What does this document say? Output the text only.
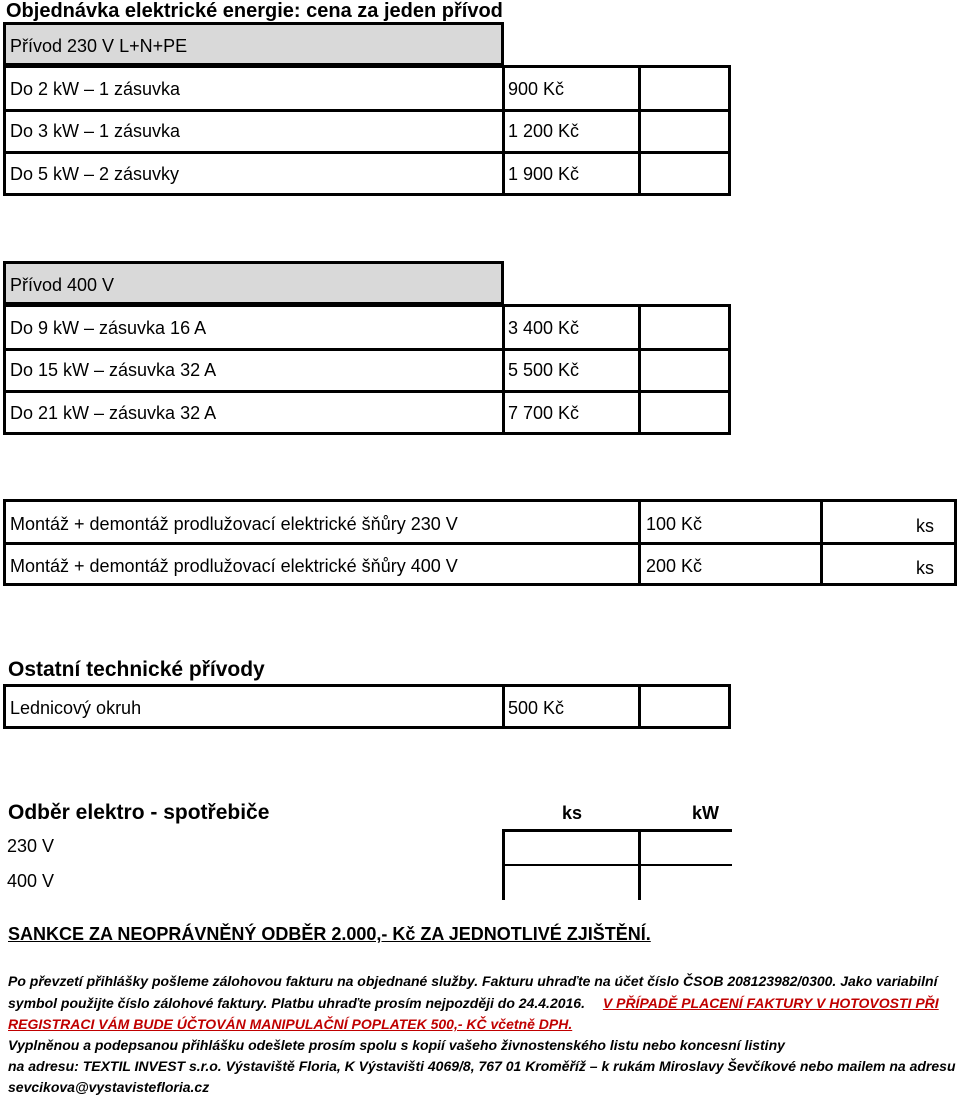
Objednávka elektrické energie: cena za jeden přívod
Přívod 230 V L+N+PE
Do 2 kW – 1 zásuvka	900 Kč
Do 3 kW – 1 zásuvka	1 200 Kč
Do 5 kW – 2 zásuvky	1 900 Kč
Přívod 400 V
Do 9 kW – zásuvka 16 A	3 400 Kč
Do 15 kW – zásuvka 32 A	5 500 Kč
Do 21 kW – zásuvka 32 A	7 700 Kč
Montáž + demontáž prodlužovací elektrické šňůry 230 V	100 Kč	ks
Montáž + demontáž prodlužovací elektrické šňůry 400 V	200 Kč	ks
Ostatní technické přívody
Lednicový okruh	500 Kč
Odběr elektro - spotřebiče	ks	kW
230 V
400 V
SANKCE ZA NEOPRÁVNĚNÝ ODBĚR 2.000,- Kč ZA JEDNOTLIVÉ ZJIŠTĚNÍ.
Po převzetí přihlášky pošleme zálohovou fakturu na objednané služby. Fakturu uhraďte na účet číslo ČSOB 208123982/0300. Jako variabilní
symbol použijte číslo zálohové faktury. Platbu uhraďte prosím nejpozději do 24.4.2016. V PŘÍPADĚ PLACENÍ FAKTURY V HOTOVOSTI PŘI
REGISTRACI VÁM BUDE ÚČTOVÁN MANIPULAČNÍ POPLATEK 500,- KČ včetně DPH.
Vyplněnou a podepsanou přihlášku odešlete prosím spolu s kopií vašeho živnostenského listu nebo koncesní listiny
na adresu: TEXTIL INVEST s.r.o. Výstaviště Floria, K Výstavišti 4069/8, 767 01 Kroměříž – k rukám Miroslavy Ševčíkové nebo mailem na adresu
sevcikova@vystavistefloria.cz
